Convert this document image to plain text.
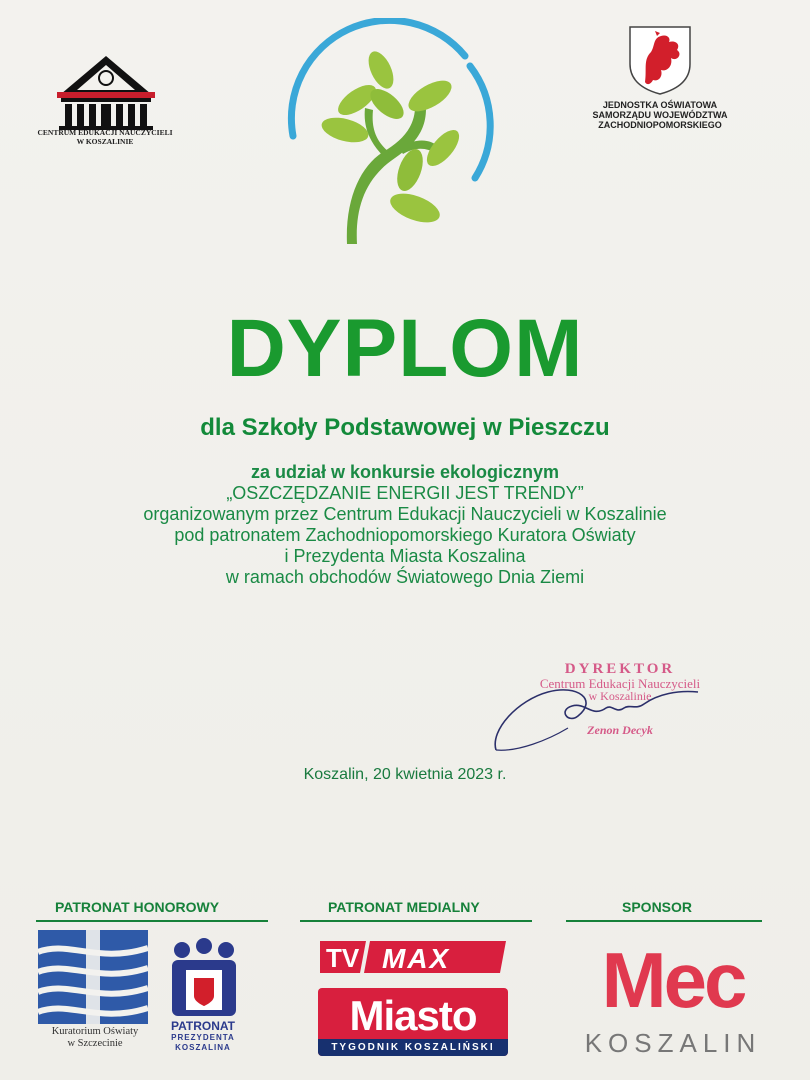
CENTRUM EDUKACJI NAUCZYCIELI
W KOSZALINIE
JEDNOSTKA OŚWIATOWA
SAMORZĄDU WOJEWÓDZTWA
ZACHODNIOPOMORSKIEGO
DYPLOM
dla Szkoły Podstawowej w Pieszczu
za udział w konkursie ekologicznym
„OSZCZĘDZANIE ENERGII JEST TRENDY”
organizowanym przez Centrum Edukacji Nauczycieli w Koszalinie
pod patronatem Zachodniopomorskiego Kuratora Oświaty
i Prezydenta Miasta Koszalina
w ramach obchodów Światowego Dnia Ziemi
DYREKTOR
Centrum Edukacji Nauczycieli
w Koszalinie
Zenon Decyk
Koszalin, 20 kwietnia 2023 r.
PATRONAT HONOROWY	PATRONAT MEDIALNY	SPONSOR
Kuratorium Oświaty
w Szczecinie
PATRONAT
PREZYDENTA
KOSZALINA
TV MAX
Miasto
TYGODNIK KOSZALIŃSKI
Mec
KOSZALIN
